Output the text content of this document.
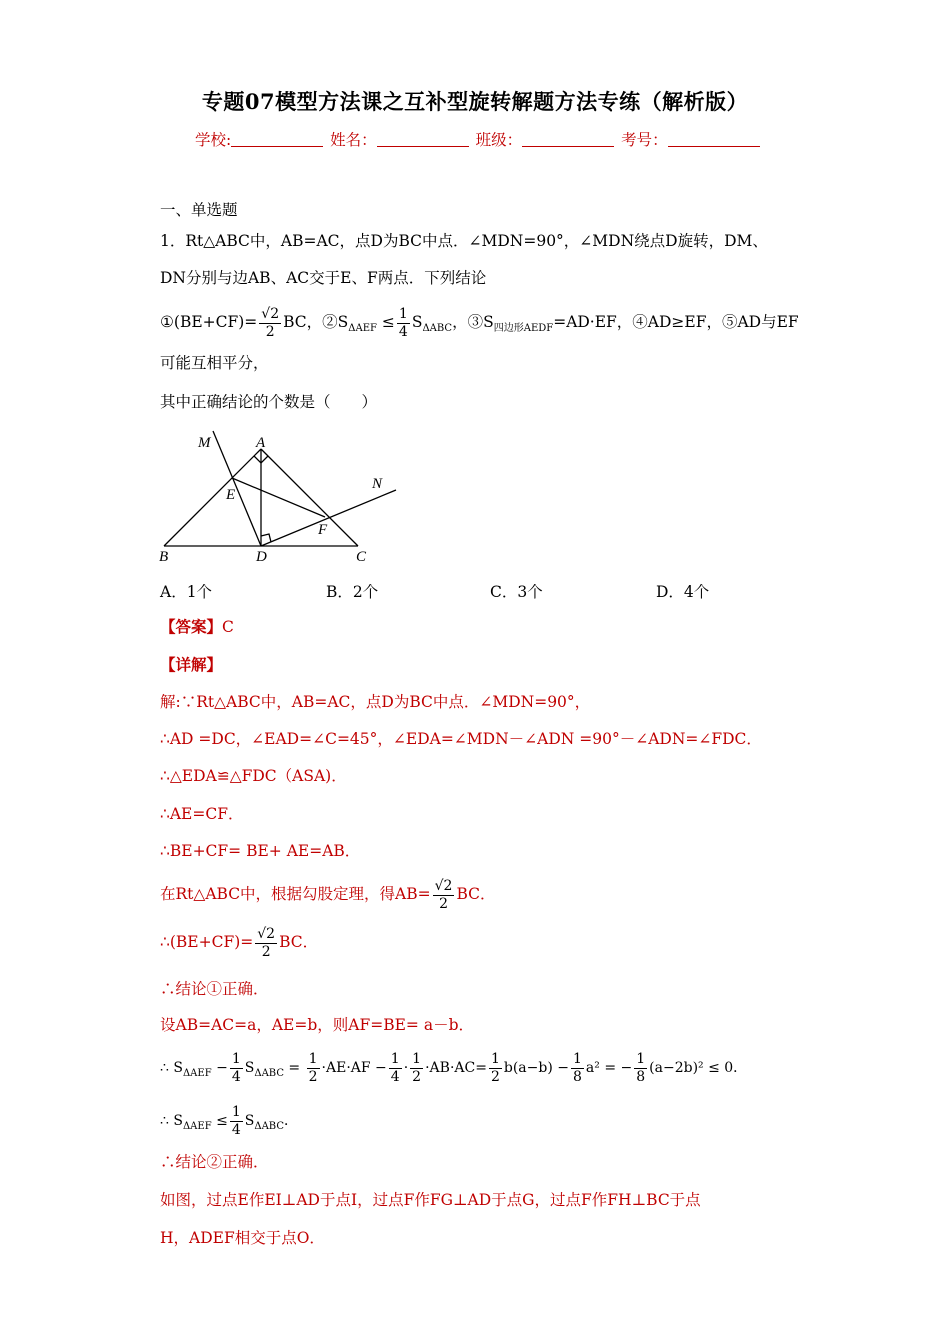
专题07模型方法课之互补型旋转解题方法专练（解析版）
学校:	姓名：	班级：	考号：
一、单选题
1．Rt△ABC中，AB=AC，点D为BC中点．∠MDN=90°，∠MDN绕点D旋转，DM、
DN分别与边AB、AC交于E、F两点．下列结论
①(BE+CF)= $\frac{√2}{2}$ BC，$②S_{\Delta AEF} \le \frac{1}{4} S_{\Delta ABC}$，$③S_{四边形AEDF}=AD\cdot EF$，④AD≥EF，⑤AD与EF
可能互相平分，
其中正确结论的个数是（　　）
M	A
N
E
F
B	D	C
A．1个	B．2个	C．3个	D．4个
【答案】C
【详解】
解:∵Rt△ABC中，AB=AC，点D为BC中点．∠MDN=90°，
∴AD =DC，∠EAD=∠C=45°，∠EDA=∠MDN－∠ADN =90°－∠ADN=∠FDC．
∴△EDA≌△FDC（ASA)．
∴AE=CF．
∴BE+CF= BE+ AE=AB．
在Rt△ABC中，根据勾股定理，得$AB= \frac{√2}{2}$ BC．
∴(BE+CF)= $\frac{√2}{2}$ BC．
∴结论①正确．
设AB=AC=a，AE=b，则AF=BE= a－b．
∴ $S_{\Delta AEF} - \frac{1}{4} S_{\Delta ABC} = \frac{1}{2} \cdot AE\cdot AF - \frac{1}{4} \cdot \frac{1}{2} \cdot AB\cdot AC= \frac{1}{2} b(a-b) - \frac{1}{8} a^2$ = − $\frac{1}{8} (a-2b)^2 \le 0$．
∴ $S_{\Delta AEF} \le \frac{1}{4} S_{\Delta ABC}$．
∴结论②正确．
如图，过点E作EI⊥AD于点I，过点F作FG⊥AD于点G，过点F作FH⊥BC于点
H，ADEF相交于点O．
